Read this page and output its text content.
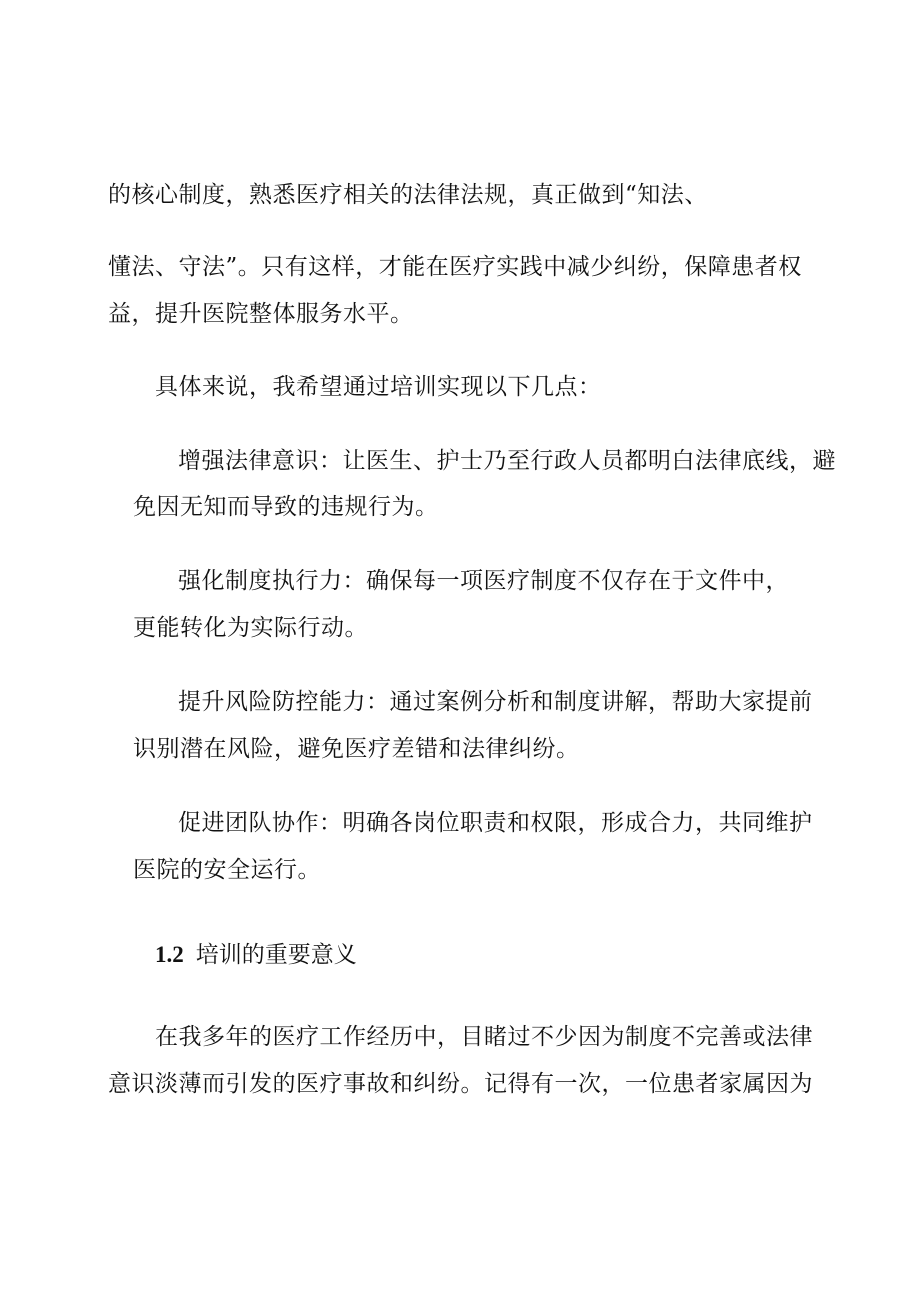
的核心制度，熟悉医疗相关的法律法规，真正做到“知法、
懂法、守法”。只有这样，才能在医疗实践中减少纠纷，保障患者权
益，提升医院整体服务水平。
具体来说，我希望通过培训实现以下几点：
增强法律意识：让医生、护士乃至行政人员都明白法律底线，避
免因无知而导致的违规行为。
强化制度执行力：确保每一项医疗制度不仅存在于文件中，
更能转化为实际行动。
提升风险防控能力：通过案例分析和制度讲解，帮助大家提前
识别潜在风险，避免医疗差错和法律纠纷。
促进团队协作：明确各岗位职责和权限，形成合力，共同维护
医院的安全运行。
1.2 培训的重要意义
在我多年的医疗工作经历中，目睹过不少因为制度不完善或法律
意识淡薄而引发的医疗事故和纠纷。记得有一次，一位患者家属因为
